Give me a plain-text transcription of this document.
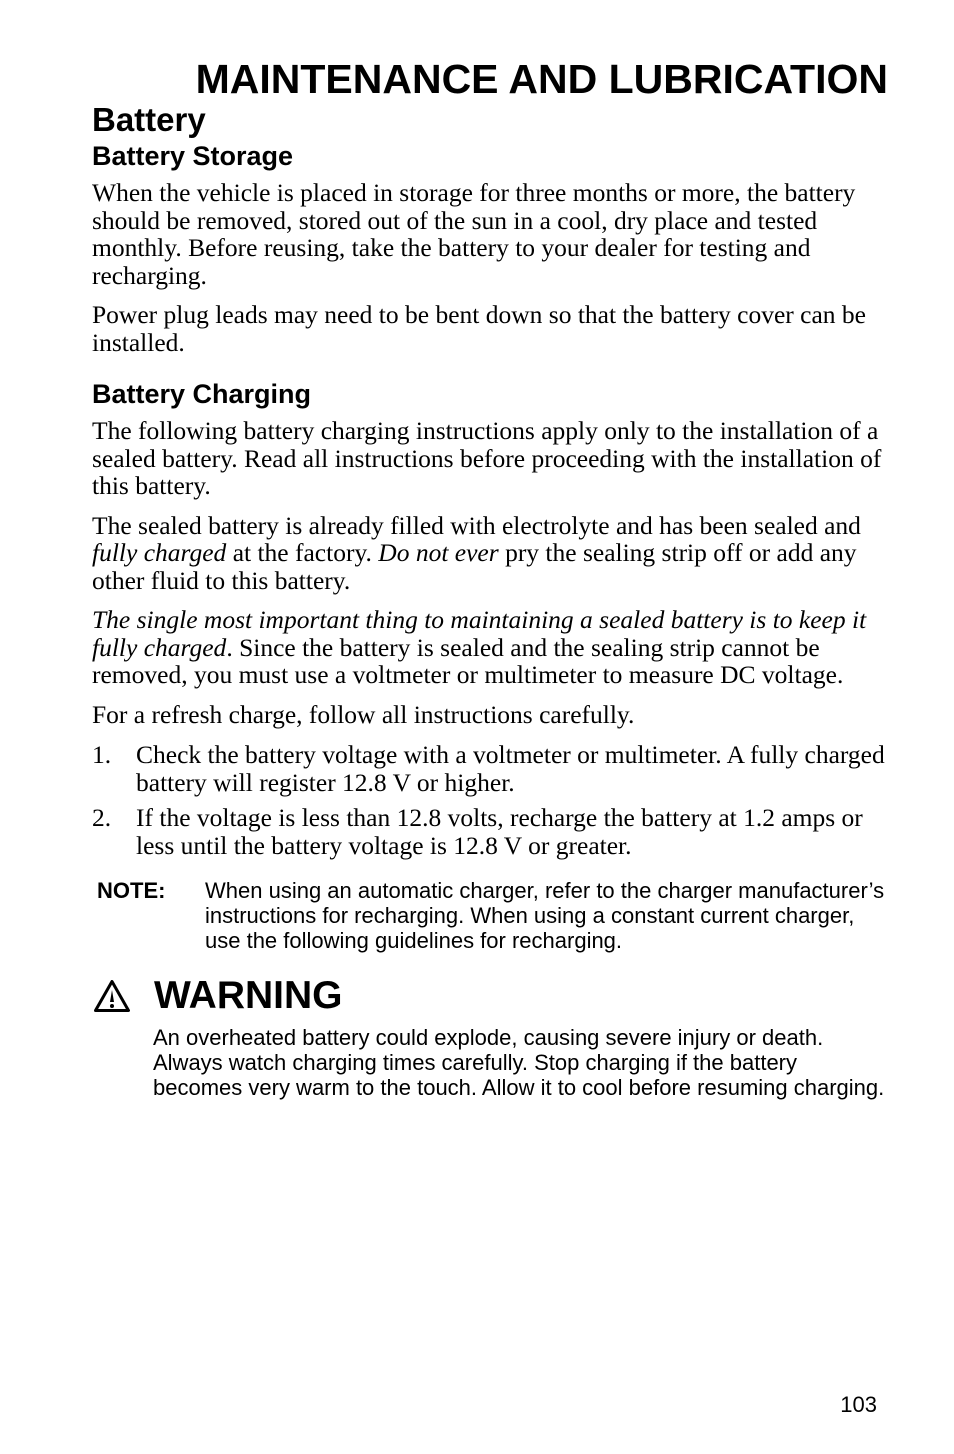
MAINTENANCE AND LUBRICATION
Battery
Battery Storage

When the vehicle is placed in storage for three months or more, the battery should be removed, stored out of the sun in a cool, dry place and tested monthly. Before reusing, take the battery to your dealer for testing and recharging.

Power plug leads may need to be bent down so that the battery cover can be installed.

Battery Charging

The following battery charging instructions apply only to the installation of a sealed battery. Read all instructions before proceeding with the installation of this battery.

The sealed battery is already filled with electrolyte and has been sealed and fully charged at the factory. Do not ever pry the sealing strip off or add any other fluid to this battery.

The single most important thing to maintaining a sealed battery is to keep it fully charged. Since the battery is sealed and the sealing strip cannot be removed, you must use a voltmeter or multimeter to measure DC voltage.

For a refresh charge, follow all instructions carefully.

1. Check the battery voltage with a voltmeter or multimeter. A fully charged battery will register 12.8 V or higher.
2. If the voltage is less than 12.8 volts, recharge the battery at 1.2 amps or less until the battery voltage is 12.8 V or greater.
NOTE:	When using an automatic charger, refer to the charger manufacturer’s instructions for recharging. When using a constant current charger, use the following guidelines for recharging.
WARNING

An overheated battery could explode, causing severe injury or death. Always watch charging times carefully. Stop charging if the battery becomes very warm to the touch. Allow it to cool before resuming charging.

103
